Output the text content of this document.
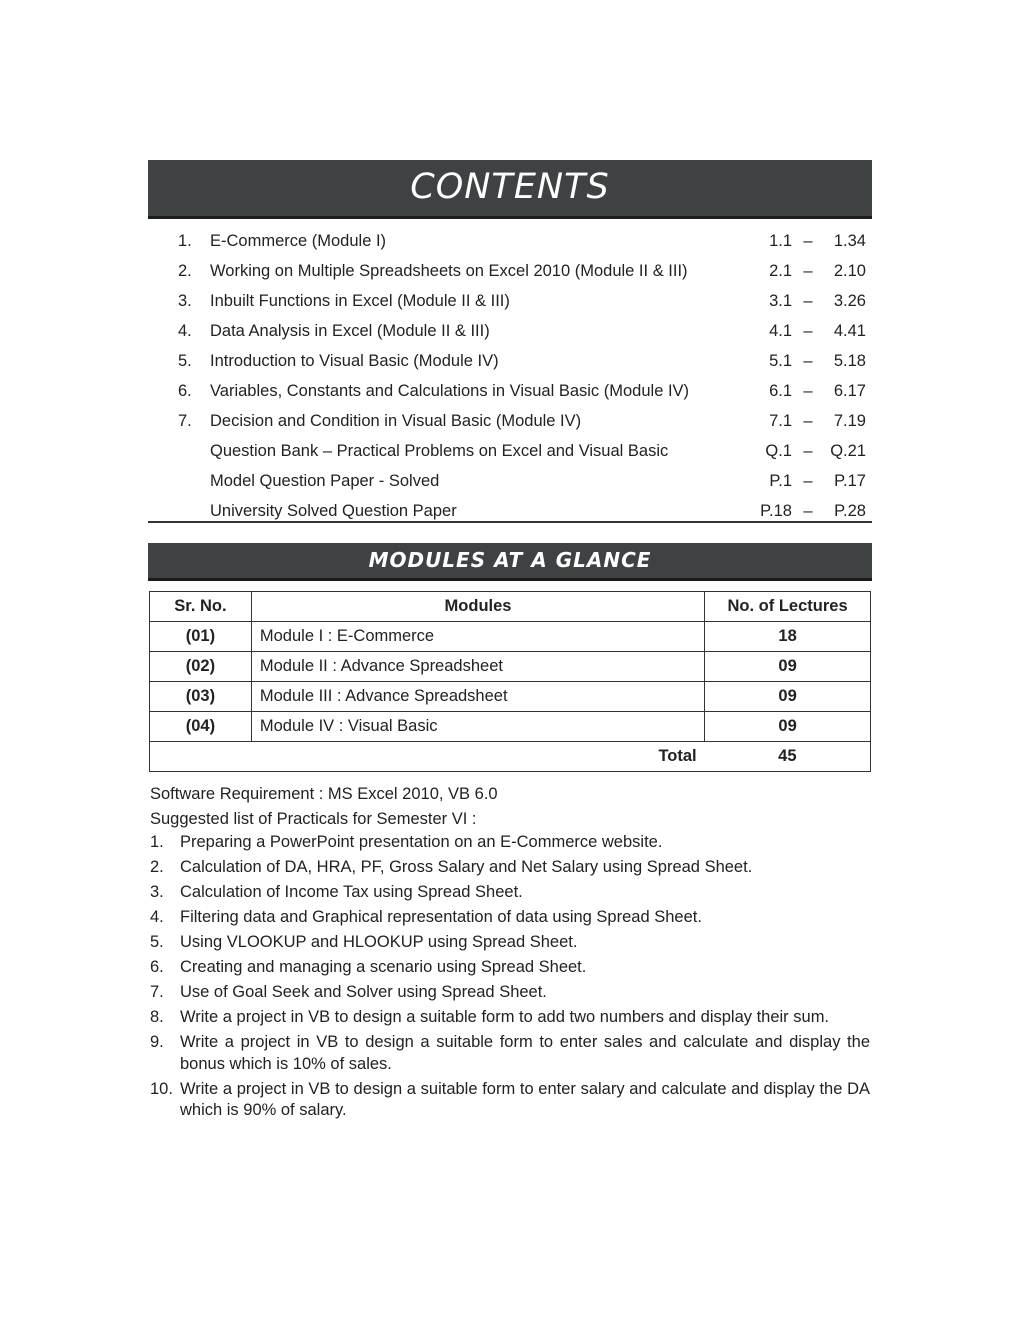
CONTENTS
1.	E-Commerce (Module I)	1.1 –	1.34
2.	Working on Multiple Spreadsheets on Excel 2010 (Module II & III)	2.1 –	2.10
3.	Inbuilt Functions in Excel (Module II & III)	3.1 –	3.26
4.	Data Analysis in Excel (Module II & III)	4.1 –	4.41
5.	Introduction to Visual Basic (Module IV)	5.1 –	5.18
6.	Variables, Constants and Calculations in Visual Basic (Module IV)	6.1 –	6.17
7.	Decision and Condition in Visual Basic (Module IV)	7.1 –	7.19
Question Bank – Practical Problems on Excel and Visual Basic	Q.1 –	Q.21
Model Question Paper - Solved	P.1 –	P.17
University Solved Question Paper	P.18 –	P.28
MODULES AT A GLANCE
Sr. No.	Modules	No. of Lectures
(01)	Module I : E-Commerce	18
(02)	Module II : Advance Spreadsheet	09
(03)	Module III : Advance Spreadsheet	09
(04)	Module IV : Visual Basic	09
Total		45
Software Requirement : MS Excel 2010, VB 6.0
Suggested list of Practicals for Semester VI :
1. Preparing a PowerPoint presentation on an E-Commerce website.
2. Calculation of DA, HRA, PF, Gross Salary and Net Salary using Spread Sheet.
3. Calculation of Income Tax using Spread Sheet.
4. Filtering data and Graphical representation of data using Spread Sheet.
5. Using VLOOKUP and HLOOKUP using Spread Sheet.
6. Creating and managing a scenario using Spread Sheet.
7. Use of Goal Seek and Solver using Spread Sheet.
8. Write a project in VB to design a suitable form to add two numbers and display their sum.
9. Write a project in VB to design a suitable form to enter sales and calculate and display the bonus which is 10% of sales.
10. Write a project in VB to design a suitable form to enter salary and calculate and display the DA which is 90% of salary.
